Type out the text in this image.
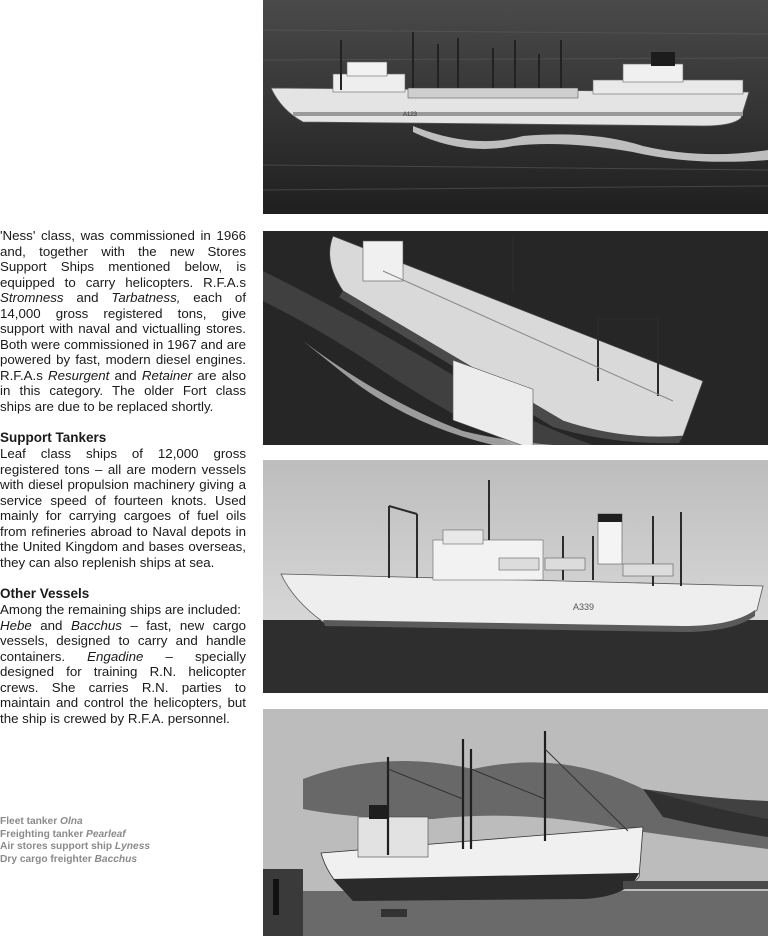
'Ness' class, was commissioned in 1966 and, together with the new Stores Support Ships mentioned below, is equipped to carry helicopters. R.F.A.s Stromness and Tarbatness, each of 14,000 gross registered tons, give support with naval and victualling stores. Both were commissioned in 1967 and are powered by fast, modern diesel engines. R.F.A.s Resurgent and Retainer are also in this category. The older Fort class ships are due to be replaced shortly.
Support Tankers

Leaf class ships of 12,000 gross registered tons – all are modern vessels with diesel propulsion machinery giving a service speed of fourteen knots. Used mainly for carrying cargoes of fuel oils from refineries abroad to Naval depots in the United Kingdom and bases overseas, they can also replenish ships at sea.

Other Vessels

Among the remaining ships are included:

Hebe and Bacchus – fast, new cargo vessels, designed to carry and handle containers. Engadine – specially designed for training R.N. helicopter crews. She carries R.N. parties to maintain and control the helicopters, but the ship is crewed by R.F.A. personnel.

Fleet tanker Olna
Freighting tanker Pearleaf
Air stores support ship Lyness
Dry cargo freighter Bacchus
A123
A339
